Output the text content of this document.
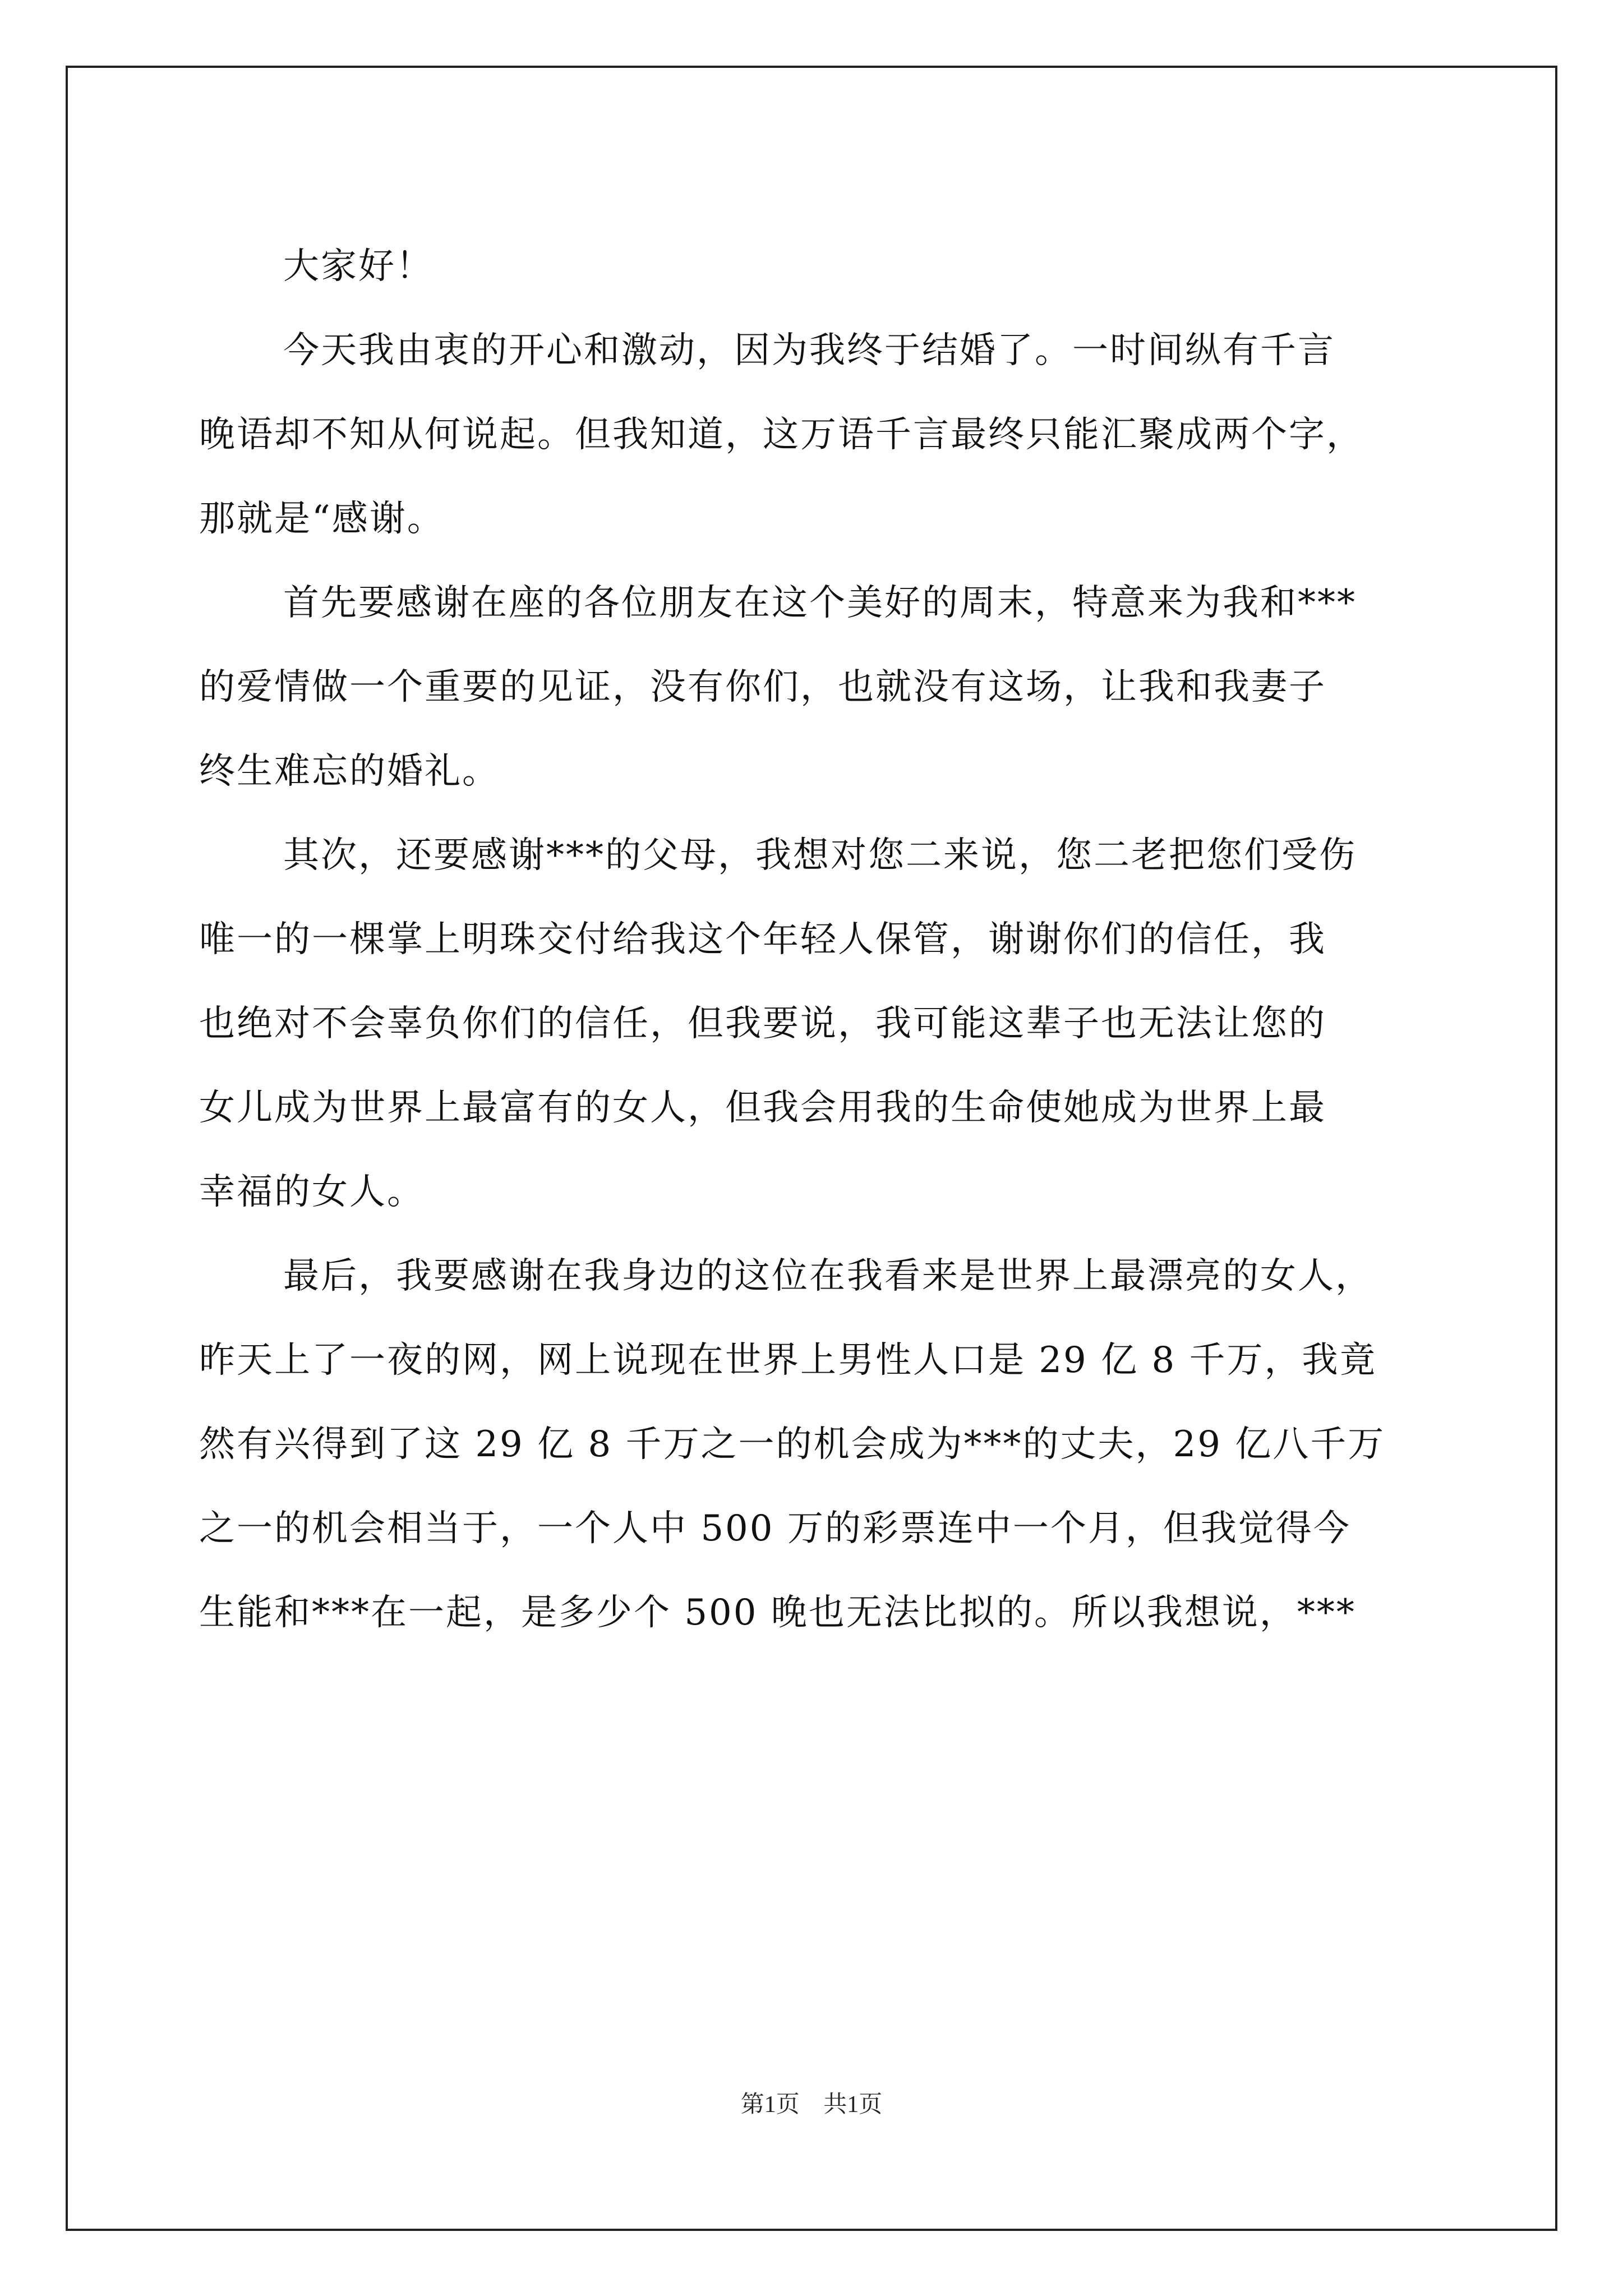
大家好！

今天我由衷的开心和激动，因为我终于结婚了。一时间纵有千言
晚语却不知从何说起。但我知道，这万语千言最终只能汇聚成两个字，
那就是“感谢。

首先要感谢在座的各位朋友在这个美好的周末，特意来为我和***
的爱情做一个重要的见证，没有你们，也就没有这场，让我和我妻子
终生难忘的婚礼。

其次，还要感谢***的父母，我想对您二来说，您二老把您们受伤
唯一的一棵掌上明珠交付给我这个年轻人保管，谢谢你们的信任，我
也绝对不会辜负你们的信任，但我要说，我可能这辈子也无法让您的
女儿成为世界上最富有的女人，但我会用我的生命使她成为世界上最
幸福的女人。

最后，我要感谢在我身边的这位在我看来是世界上最漂亮的女人，
昨天上了一夜的网，网上说现在世界上男性人口是 29 亿 8 千万，我竟
然有兴得到了这 29 亿 8 千万之一的机会成为***的丈夫，29 亿八千万
之一的机会相当于，一个人中 500 万的彩票连中一个月，但我觉得今
生能和***在一起，是多少个 500 晚也无法比拟的。所以我想说，***

第1页 共1页
